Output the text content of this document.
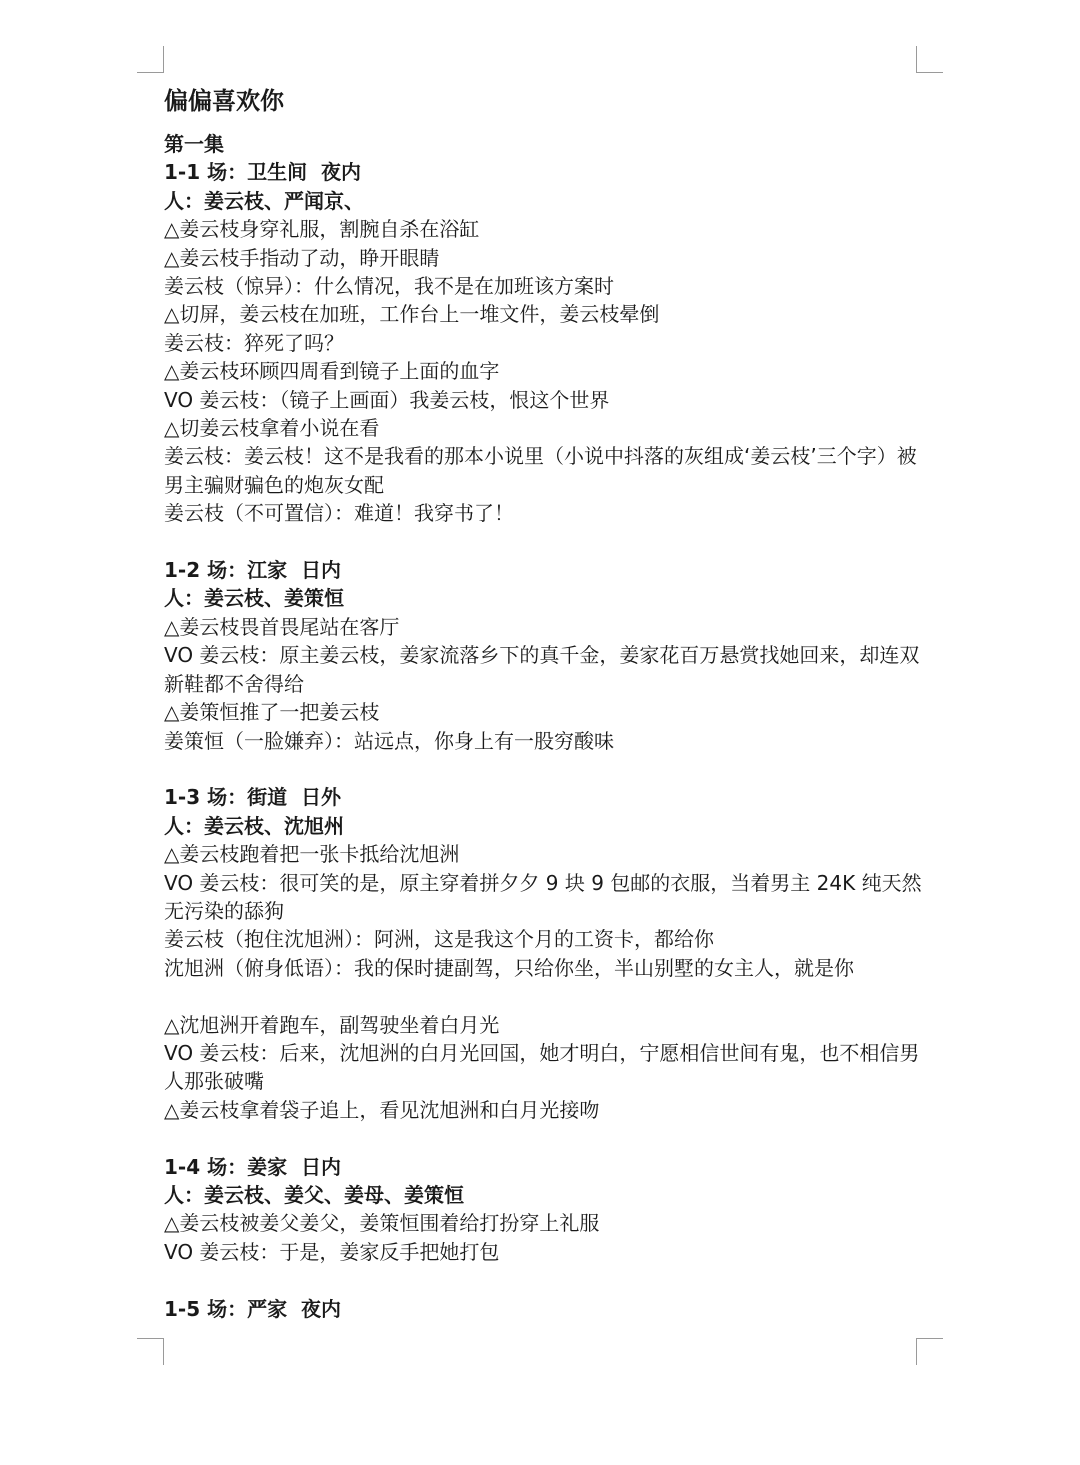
偏偏喜欢你
第一集
1-1 场：卫生间  夜内
人：姜云枝、严闻京、
△姜云枝身穿礼服，割腕自杀在浴缸
△姜云枝手指动了动，睁开眼睛
姜云枝（惊异）：什么情况，我不是在加班该方案时
△切屏，姜云枝在加班，工作台上一堆文件，姜云枝晕倒
姜云枝：猝死了吗？
△姜云枝环顾四周看到镜子上面的血字
VO 姜云枝：（镜子上画面）我姜云枝，恨这个世界
△切姜云枝拿着小说在看
姜云枝：姜云枝！这不是我看的那本小说里（小说中抖落的灰组成‘姜云枝’三个字）被男主骗财骗色的炮灰女配
姜云枝（不可置信）：难道！我穿书了！
1-2 场：江家  日内
人：姜云枝、姜策恒
△姜云枝畏首畏尾站在客厅
VO 姜云枝：原主姜云枝，姜家流落乡下的真千金，姜家花百万悬赏找她回来，却连双新鞋都不舍得给
△姜策恒推了一把姜云枝
姜策恒（一脸嫌弃）：站远点，你身上有一股穷酸味
1-3 场：街道  日外
人：姜云枝、沈旭州
△姜云枝跑着把一张卡抵给沈旭洲
VO 姜云枝：很可笑的是，原主穿着拼夕夕 9 块 9 包邮的衣服，当着男主 24K 纯天然无污染的舔狗
姜云枝（抱住沈旭洲）：阿洲，这是我这个月的工资卡，都给你
沈旭洲（俯身低语）：我的保时捷副驾，只给你坐，半山别墅的女主人，就是你
△沈旭洲开着跑车，副驾驶坐着白月光
VO 姜云枝：后来，沈旭洲的白月光回国，她才明白，宁愿相信世间有鬼，也不相信男人那张破嘴
△姜云枝拿着袋子追上，看见沈旭洲和白月光接吻
1-4 场：姜家  日内
人：姜云枝、姜父、姜母、姜策恒
△姜云枝被姜父姜父，姜策恒围着给打扮穿上礼服
VO 姜云枝：于是，姜家反手把她打包
1-5 场：严家  夜内
